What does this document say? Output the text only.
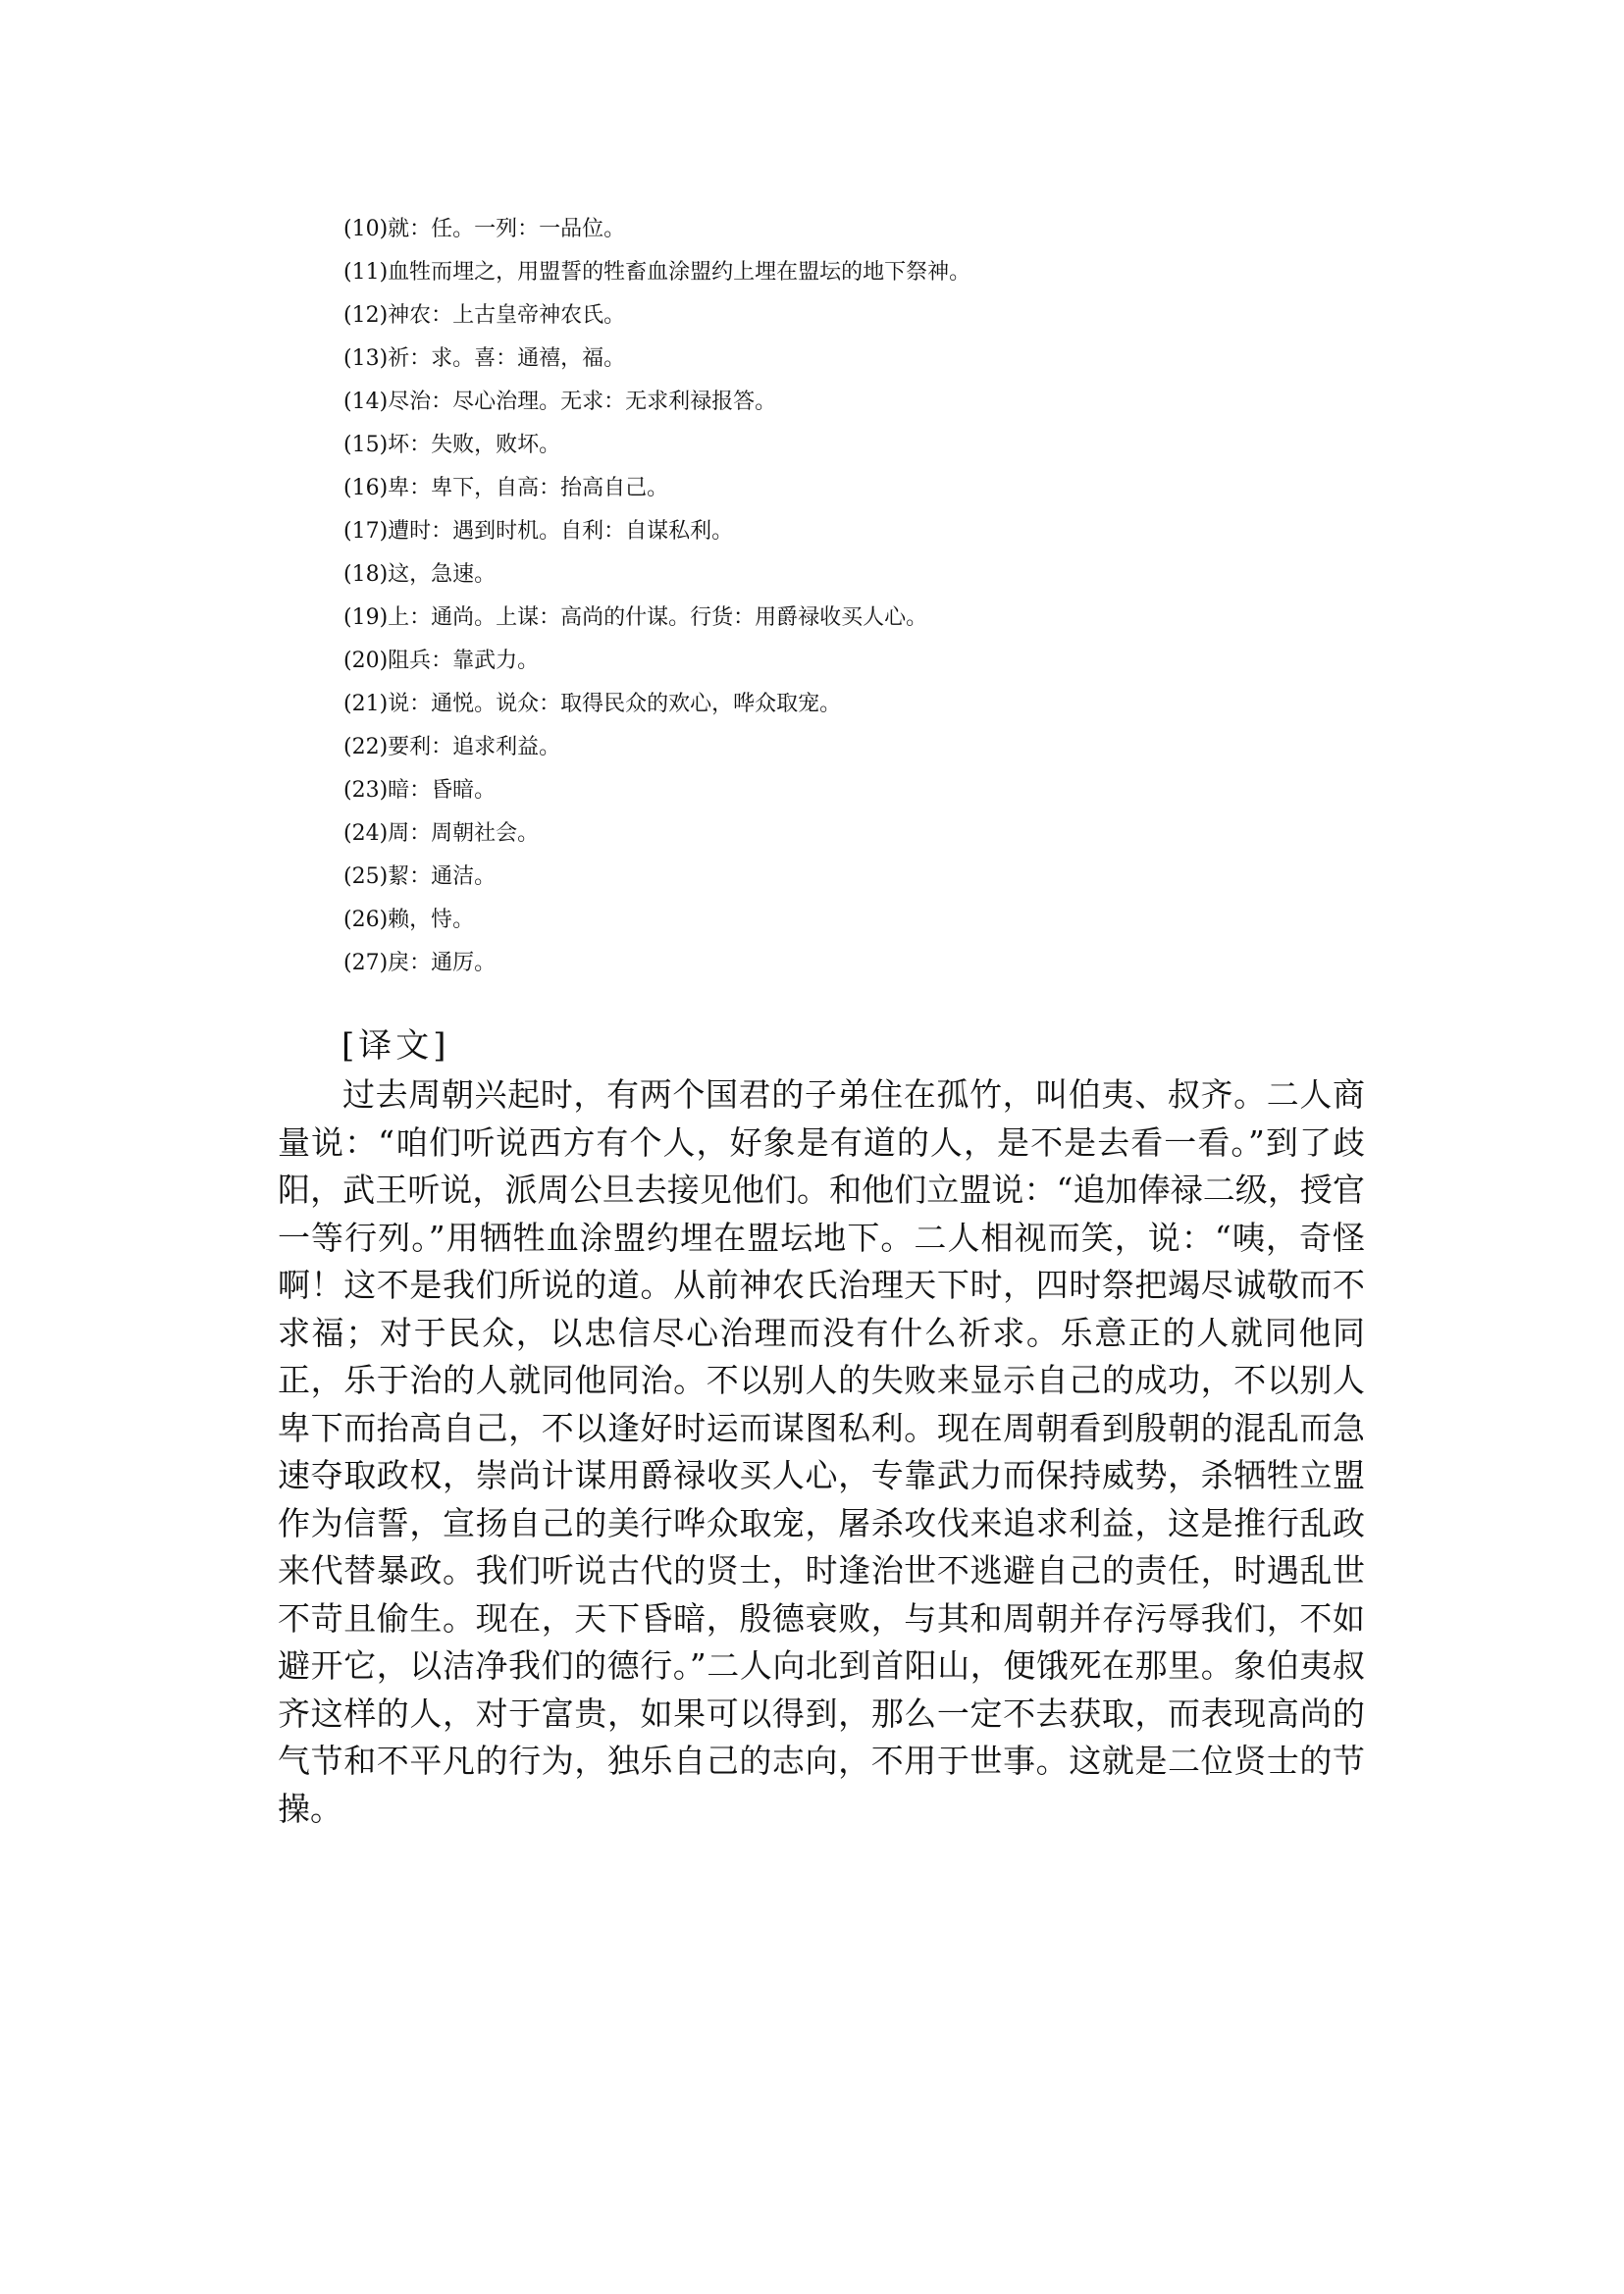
(10)就：任。一列：一品位。
(11)血牲而埋之，用盟誓的牲畜血涂盟约上埋在盟坛的地下祭神。
(12)神农：上古皇帝神农氏。
(13)祈：求。喜：通禧，福。
(14)尽治：尽心治理。无求：无求利禄报答。
(15)坏：失败，败坏。
(16)卑：卑下，自高：抬高自己。
(17)遭时：遇到时机。自利：自谋私利。
(18)这，急速。
(19)上：通尚。上谋：高尚的什谋。行货：用爵禄收买人心。
(20)阻兵：靠武力。
(21)说：通悦。说众：取得民众的欢心，哗众取宠。
(22)要利：追求利益。
(23)暗：昏暗。
(24)周：周朝社会。
(25)絜：通洁。
(26)赖，恃。
(27)戾：通厉。
[译文]

过去周朝兴起时，有两个国君的子弟住在孤竹，叫伯夷、叔齐。二人商量说：“咱们听说西方有个人，好象是有道的人，是不是去看一看。”到了歧阳，武王听说，派周公旦去接见他们。和他们立盟说：“追加俸禄二级，授官一等行列。”用牺牲血涂盟约埋在盟坛地下。二人相视而笑，说：“咦，奇怪啊！这不是我们所说的道。从前神农氏治理天下时，四时祭把竭尽诚敬而不求福；对于民众，以忠信尽心治理而没有什么祈求。乐意正的人就同他同正，乐于治的人就同他同治。不以别人的失败来显示自己的成功，不以别人卑下而抬高自己，不以逢好时运而谋图私利。现在周朝看到殷朝的混乱而急速夺取政权，崇尚计谋用爵禄收买人心，专靠武力而保持威势，杀牺牲立盟作为信誓，宣扬自己的美行哗众取宠，屠杀攻伐来追求利益，这是推行乱政来代替暴政。我们听说古代的贤士，时逢治世不逃避自己的责任，时遇乱世不苛且偷生。现在，天下昏暗，殷德衰败，与其和周朝并存污辱我们，不如避开它，以洁净我们的德行。”二人向北到首阳山，便饿死在那里。象伯夷叔齐这样的人，对于富贵，如果可以得到，那么一定不去获取，而表现高尚的气节和不平凡的行为，独乐自己的志向，不用于世事。这就是二位贤士的节操。
